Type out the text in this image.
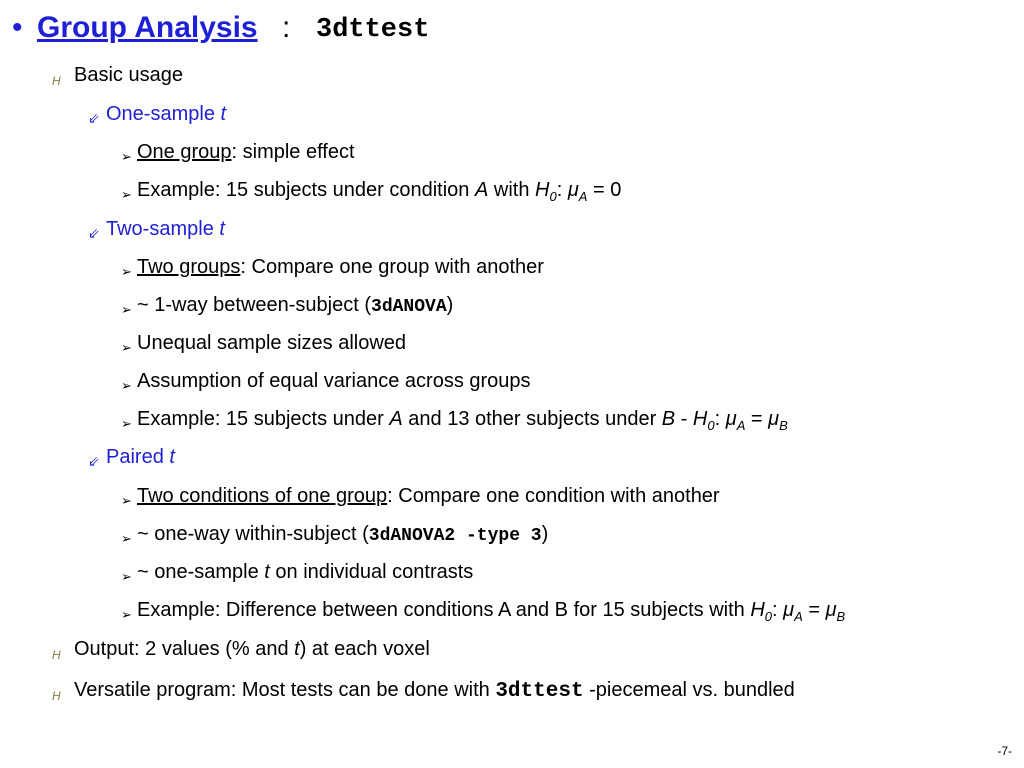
• Group Analysis : 3dttest
H Basic usage
⇙ One-sample t
➢ One group: simple effect
➢ Example: 15 subjects under condition A with $H_0$: $\mu_A = 0$
⇙ Two-sample t
➢ Two groups: Compare one group with another
➢ ~ 1-way between-subject (3dANOVA)
➢ Unequal sample sizes allowed
➢ Assumption of equal variance across groups
➢ Example: 15 subjects under A and 13 other subjects under B - $H_0$: $\mu_A = \mu_B$
⇙ Paired t
➢ Two conditions of one group: Compare one condition with another
➢ ~ one-way within-subject (3dANOVA2 -type 3)
➢ ~ one-sample t on individual contrasts
➢ Example: Difference between conditions A and B for 15 subjects with $H_0$: $\mu_A = \mu_B$
H Output: 2 values (% and t) at each voxel
H Versatile program: Most tests can be done with 3dttest -piecemeal vs. bundled
-7-
